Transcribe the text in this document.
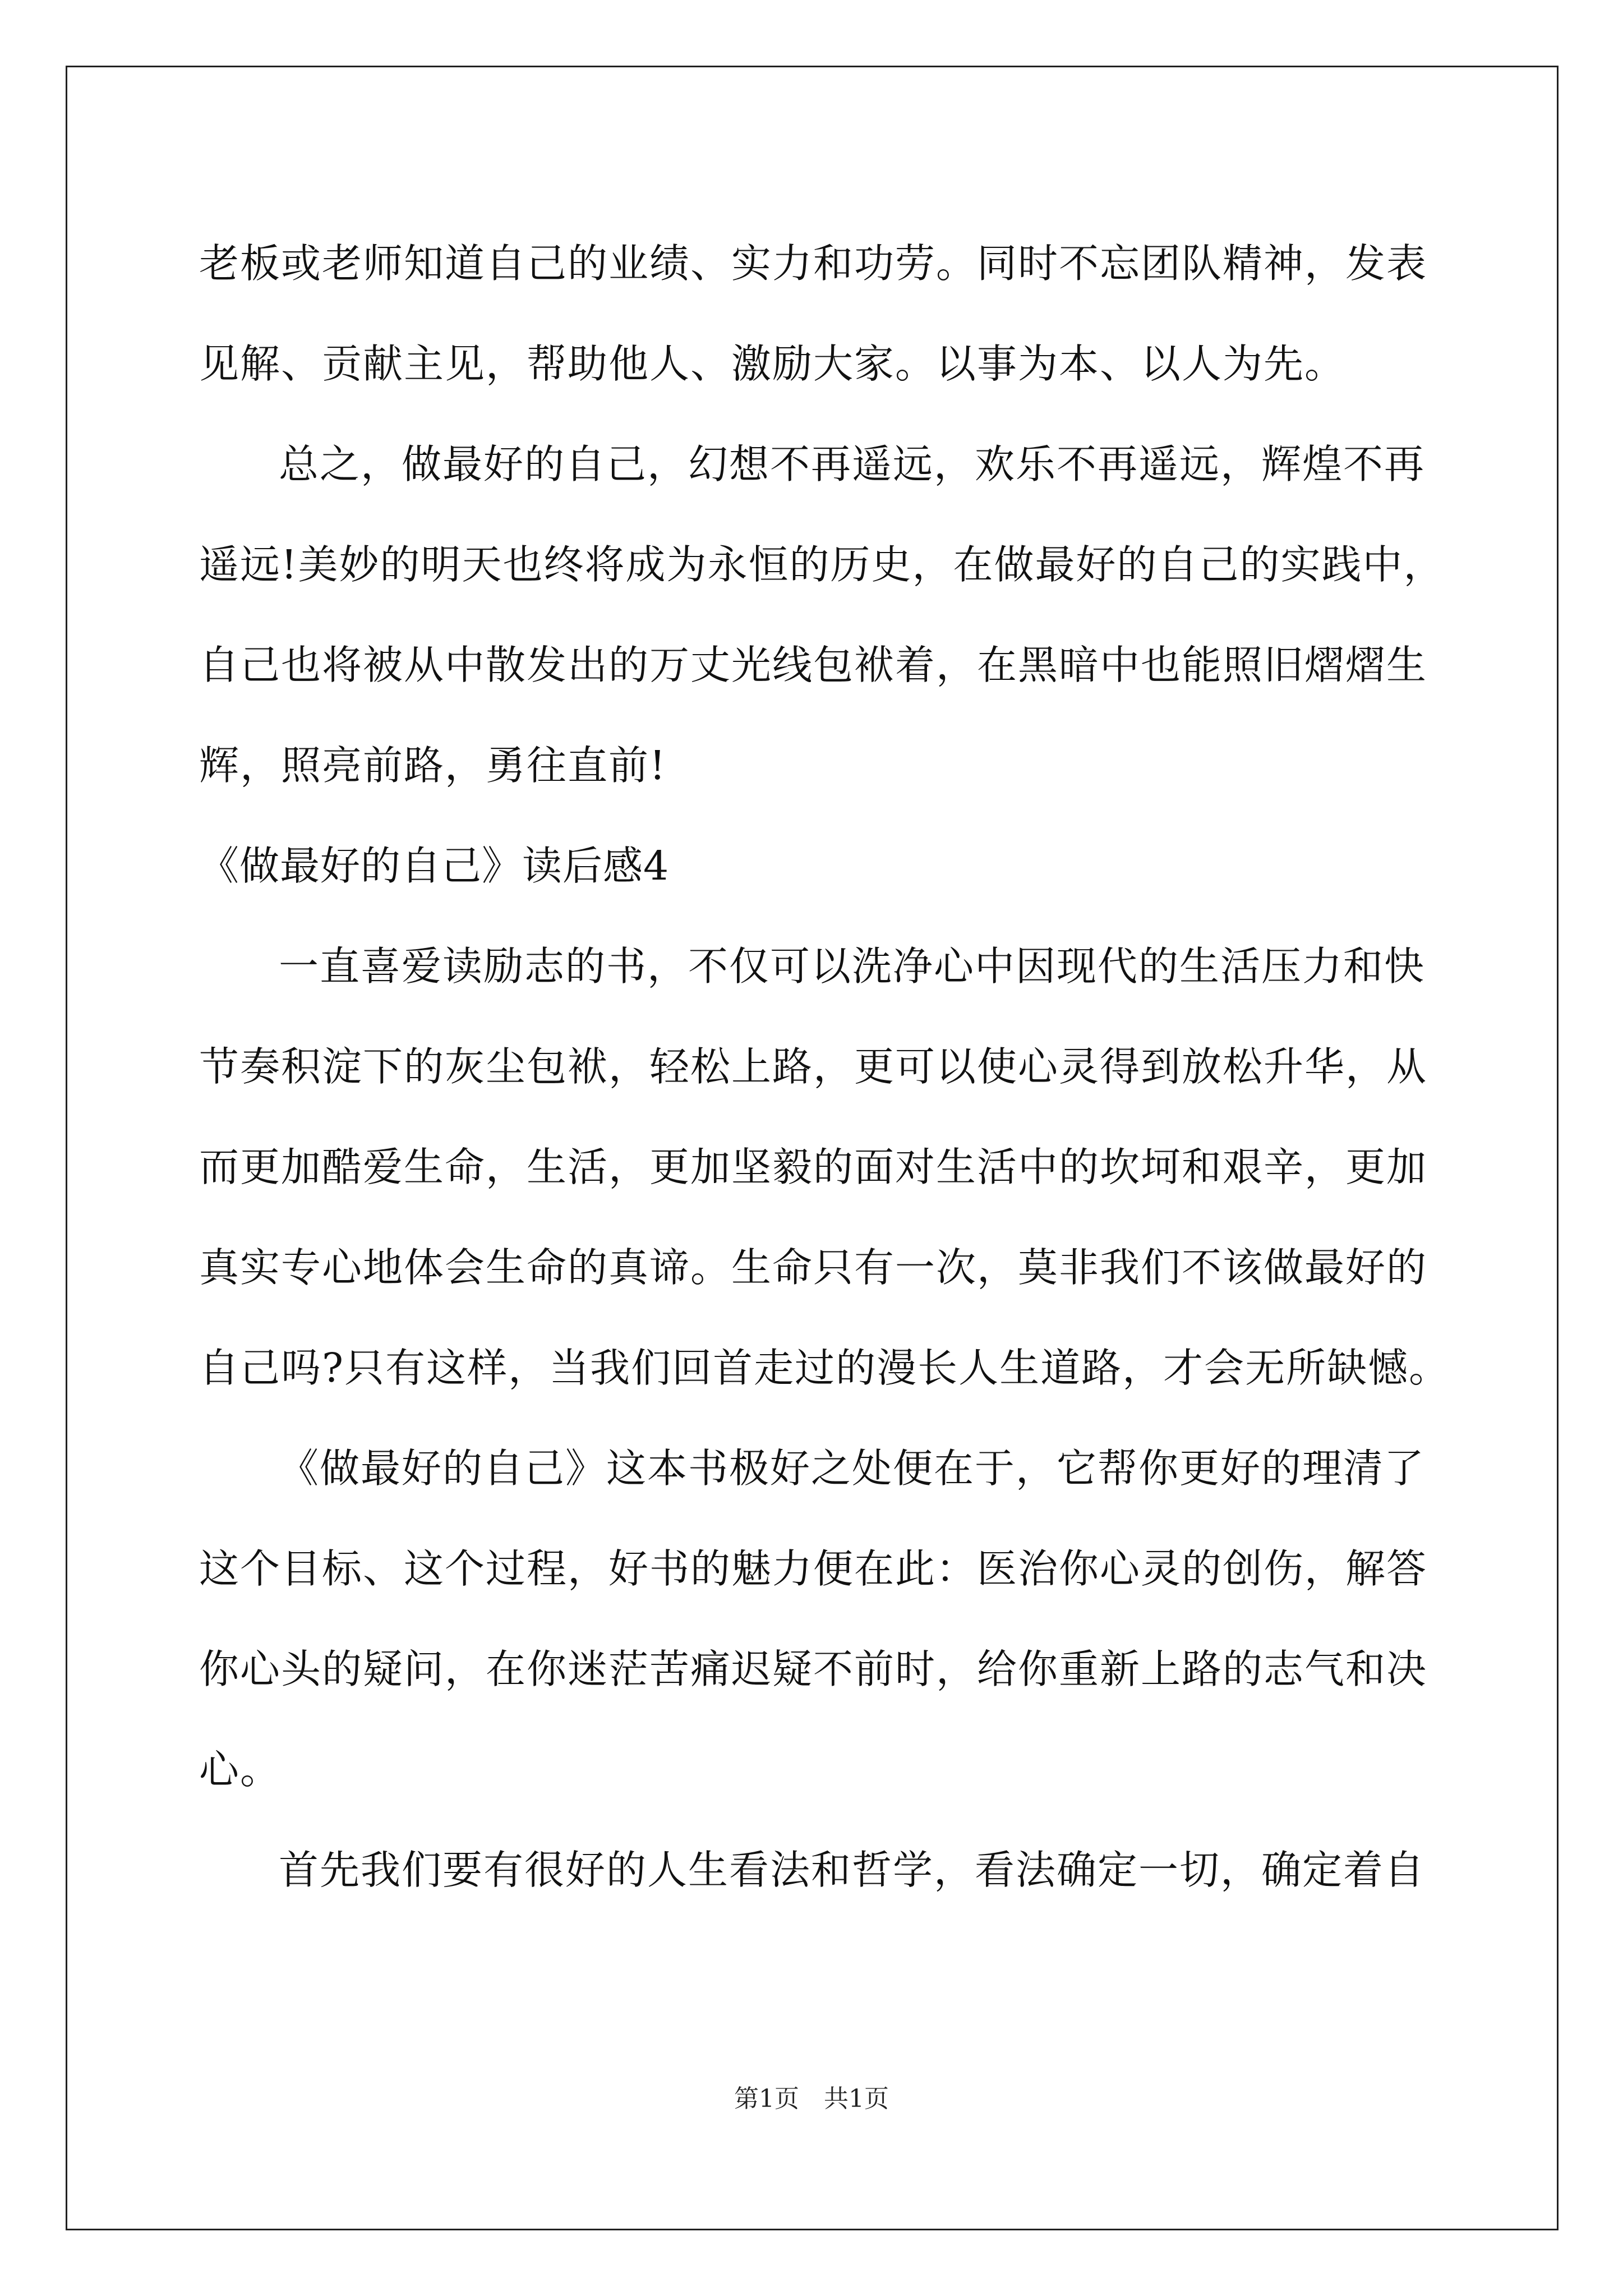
老板或老师知道自己的业绩、实力和功劳。同时不忘团队精神，发表
见解、贡献主见，帮助他人、激励大家。以事为本、以人为先。
总之，做最好的自己，幻想不再遥远，欢乐不再遥远，辉煌不再
遥远!美妙的明天也终将成为永恒的历史，在做最好的自己的实践中，
自己也将被从中散发出的万丈光线包袱着，在黑暗中也能照旧熠熠生
辉，照亮前路，勇往直前!
《做最好的自己》读后感4
一直喜爱读励志的书，不仅可以洗净心中因现代的生活压力和快
节奏积淀下的灰尘包袱，轻松上路，更可以使心灵得到放松升华，从
而更加酷爱生命，生活，更加坚毅的面对生活中的坎坷和艰辛，更加
真实专心地体会生命的真谛。生命只有一次，莫非我们不该做最好的
自己吗?只有这样，当我们回首走过的漫长人生道路，才会无所缺憾。
《做最好的自己》这本书极好之处便在于，它帮你更好的理清了
这个目标、这个过程，好书的魅力便在此：医治你心灵的创伤，解答
你心头的疑问，在你迷茫苦痛迟疑不前时，给你重新上路的志气和决
心。
首先我们要有很好的人生看法和哲学，看法确定一切，确定着自
第1页　共1页
